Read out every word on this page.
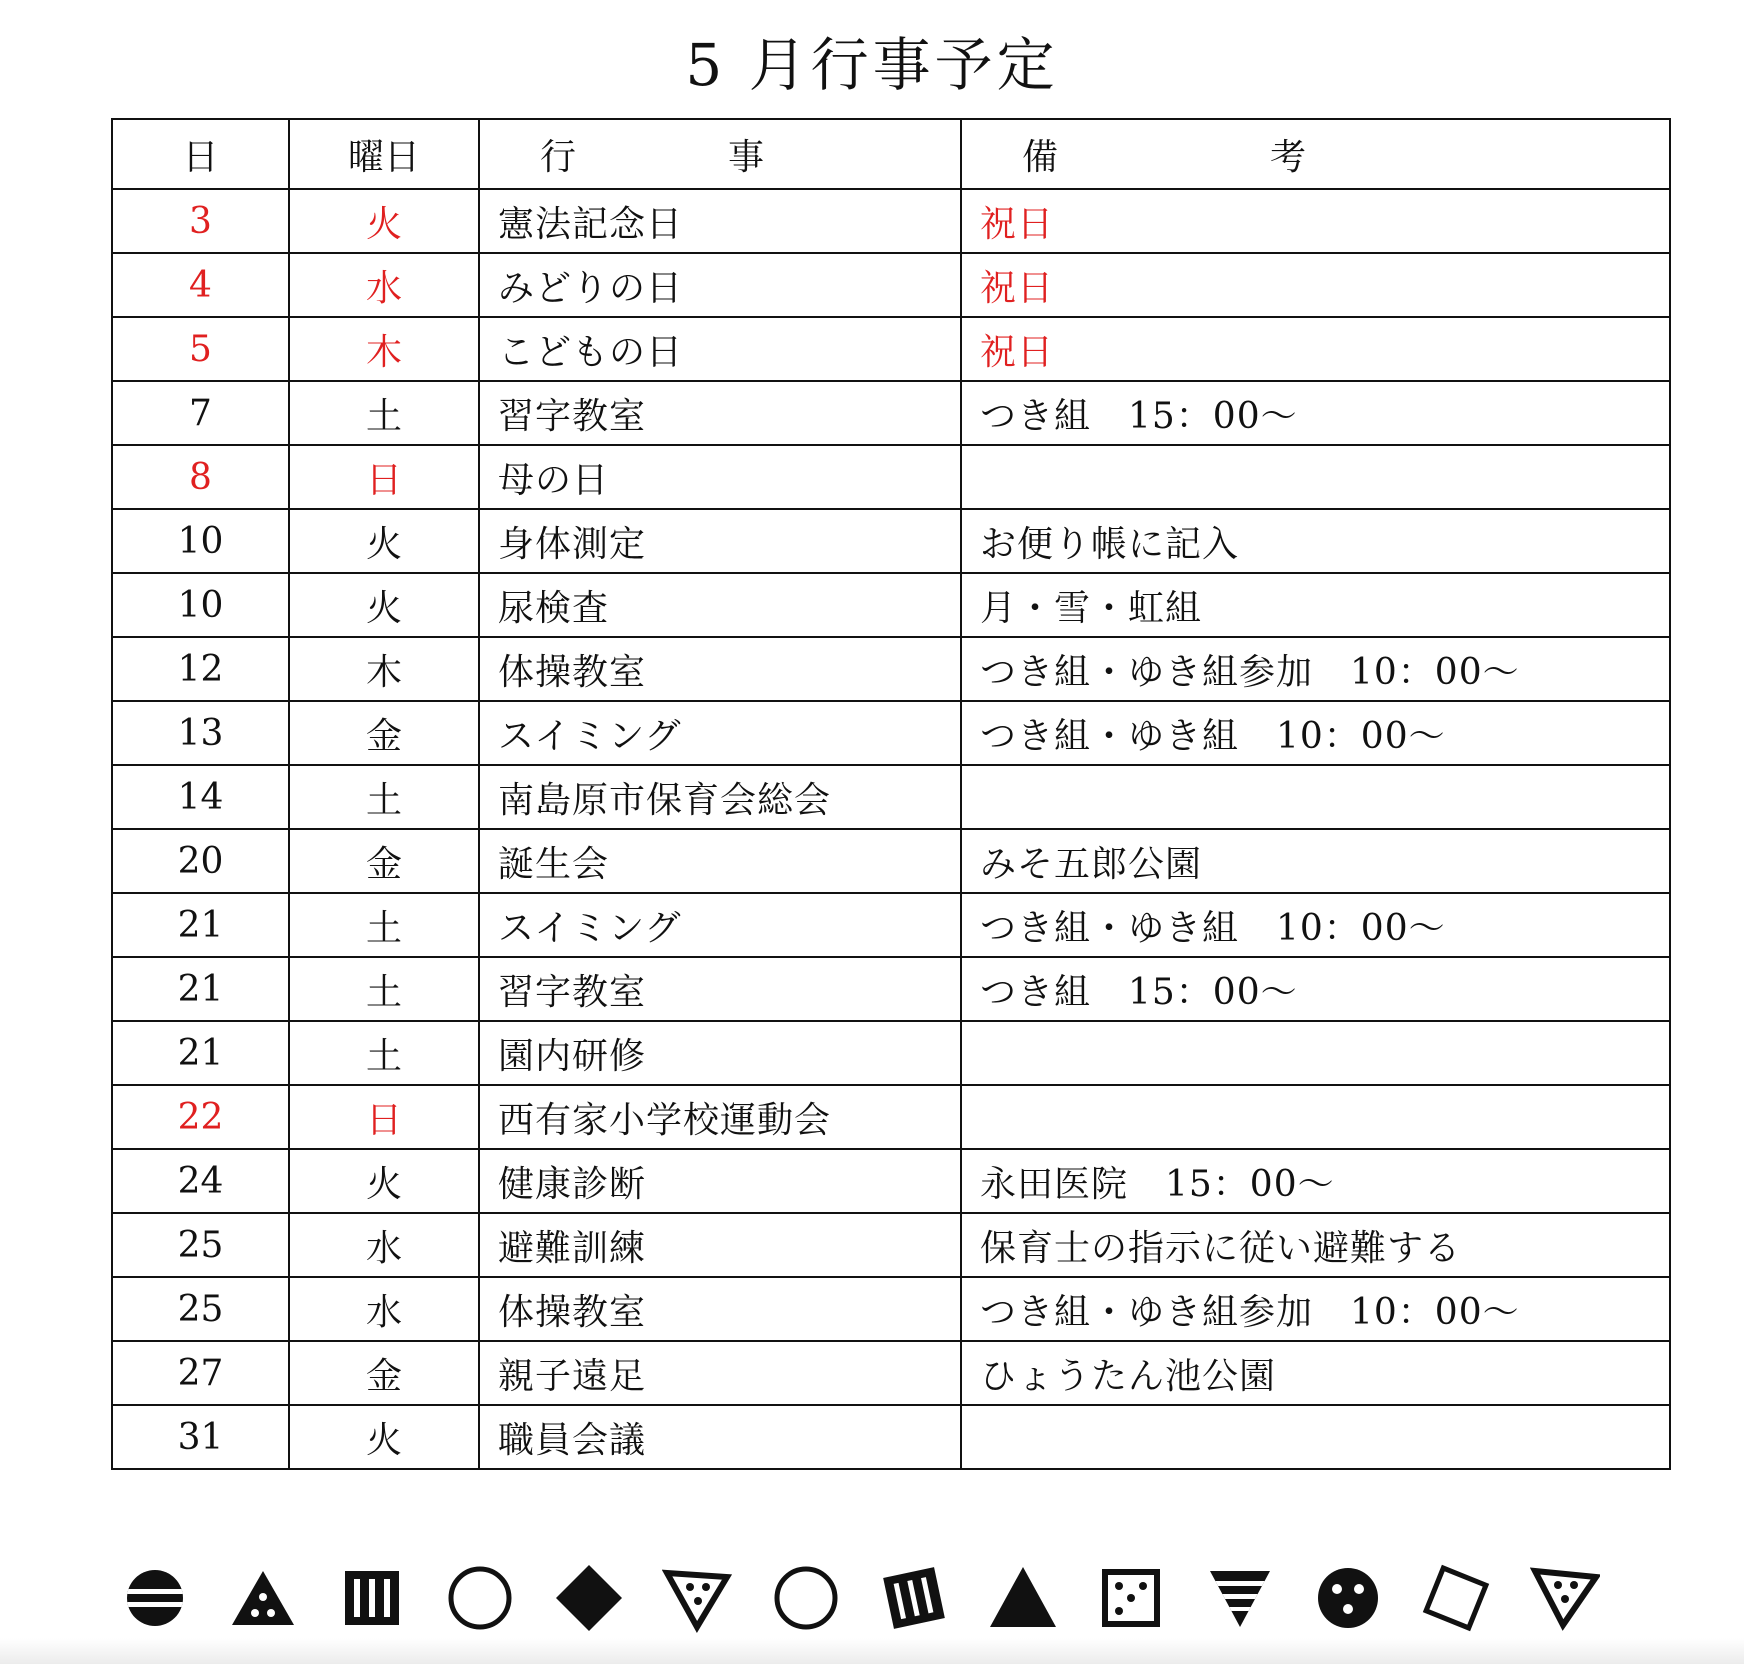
5 月行事予定
日	曜日	行　事	備　考
3	火	憲法記念日	祝日
4	水	みどりの日	祝日
5	木	こどもの日	祝日
7	土	習字教室	つき組　15：00～
8	日	母の日	
10	火	身体測定	お便り帳に記入
10	火	尿検査	月・雪・虹組
12	木	体操教室	つき組・ゆき組参加　10：00～
13	金	スイミング	つき組・ゆき組　10：00～
14	土	南島原市保育会総会	
20	金	誕生会	みそ五郎公園
21	土	スイミング	つき組・ゆき組　10：00～
21	土	習字教室	つき組　15：00～
21	土	園内研修	
22	日	西有家小学校運動会	
24	火	健康診断	永田医院　15：00～
25	水	避難訓練	保育士の指示に従い避難する
25	水	体操教室	つき組・ゆき組参加　10：00～
27	金	親子遠足	ひょうたん池公園
31	火	職員会議	
